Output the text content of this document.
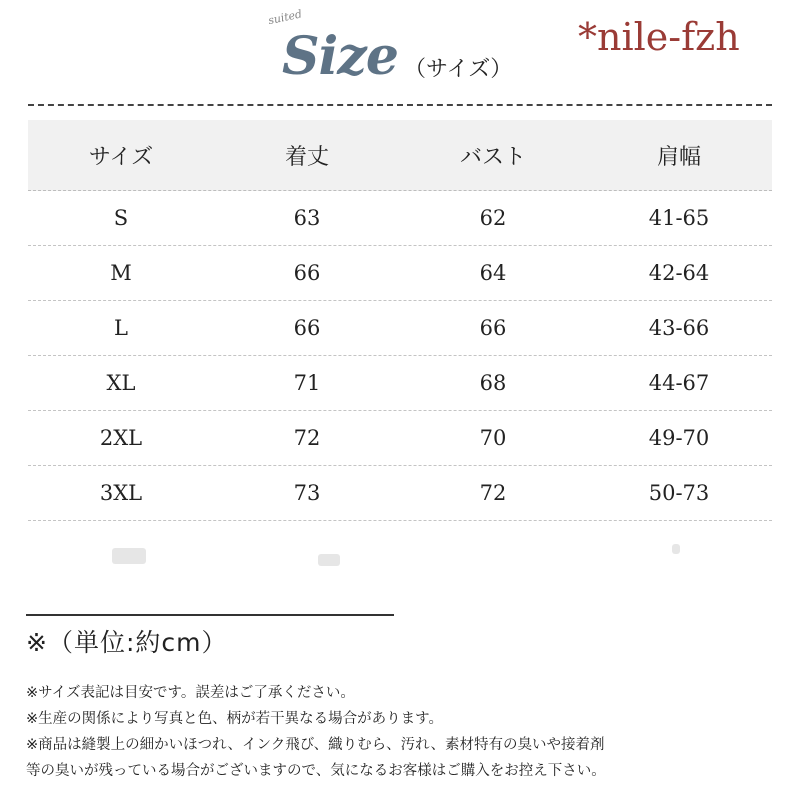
suited
Size （サイズ）
*nile-fzh
サイズ	着丈	バスト	肩幅
S	63	62	41-65
M	66	64	42-64
L	66	66	43-66
XL	71	68	44-67
2XL	72	70	49-70
3XL	73	72	50-73
※（単位:約cm）
※サイズ表記は目安です。誤差はご了承ください。
※生産の関係により写真と色、柄が若干異なる場合があります。
※商品は縫製上の細かいほつれ、インク飛び、織りむら、汚れ、素材特有の臭いや接着剤
等の臭いが残っている場合がございますので、気になるお客様はご購入をお控え下さい。
